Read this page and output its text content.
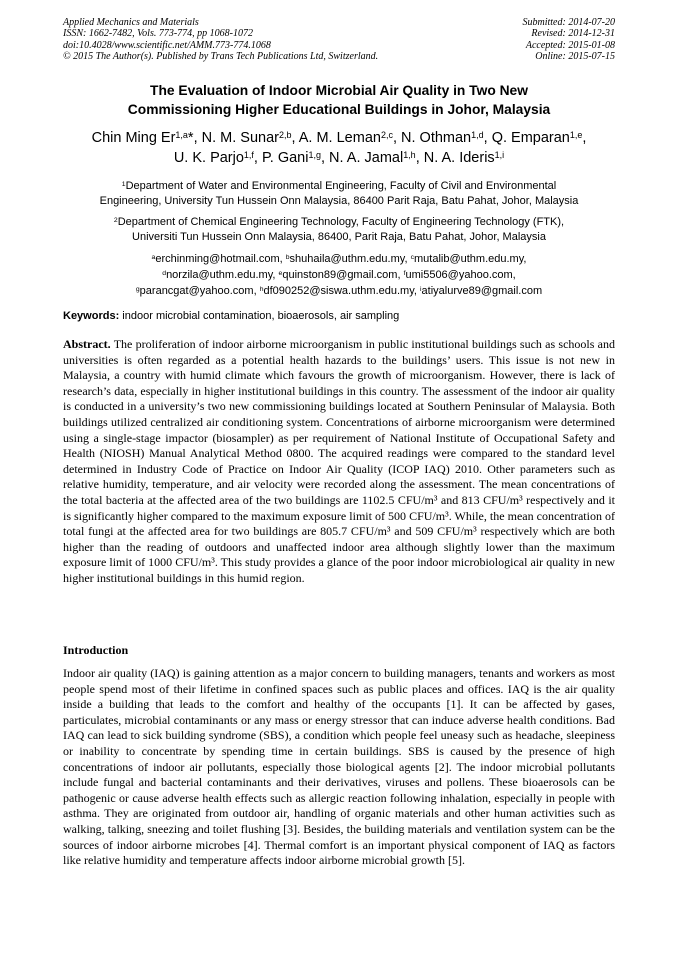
Applied Mechanics and Materials
ISSN: 1662-7482, Vols. 773-774, pp 1068-1072
doi:10.4028/www.scientific.net/AMM.773-774.1068
© 2015 The Author(s). Published by Trans Tech Publications Ltd, Switzerland.
Submitted: 2014-07-20
Revised: 2014-12-31
Accepted: 2015-01-08
Online: 2015-07-15
The Evaluation of Indoor Microbial Air Quality in Two New
Commissioning Higher Educational Buildings in Johor, Malaysia
Chin Ming Er$^{1,a}$*, N. M. Sunar$^{2,b}$, A. M. Leman$^{2,c}$, N. Othman$^{1,d}$, Q. Emparan$^{1,e}$,
U. K. Parjo$^{1,f}$, P. Gani$^{1,g}$, N. A. Jamal$^{1,h}$, N. A. Ideris$^{1,i}$
$^1$Department of Water and Environmental Engineering, Faculty of Civil and Environmental
Engineering, University Tun Hussein Onn Malaysia, 86400 Parit Raja, Batu Pahat, Johor, Malaysia
$^2$Department of Chemical Engineering Technology, Faculty of Engineering Technology (FTK),
Universiti Tun Hussein Onn Malaysia, 86400, Parit Raja, Batu Pahat, Johor, Malaysia
$^a$erchinming@hotmail.com, $^b$shuhaila@uthm.edu.my, $^c$mutalib@uthm.edu.my,
$^d$norzila@uthm.edu.my, $^e$quinston89@gmail.com, $^f$umi5506@yahoo.com,
$^g$parancgat@yahoo.com, $^h$df090252@siswa.uthm.edu.my, $^i$atiyalurve89@gmail.com
Keywords: indoor microbial contamination, bioaerosols, air sampling
Abstract. The proliferation of indoor airborne microorganism in public institutional buildings such as schools and universities is often regarded as a potential health hazards to the buildings’ users. This issue is not new in Malaysia, a country with humid climate which favours the growth of microorganism. However, there is lack of research’s data, especially in higher institutional buildings in this country. The assessment of the indoor air quality is conducted in a university’s two new commissioning buildings located at Southern Peninsular of Malaysia. Both buildings utilized centralized air conditioning system. Concentrations of airborne microorganism were determined using a single-stage impactor (biosampler) as per requirement of National Institute of Occupational Safety and Health (NIOSH) Manual Analytical Method 0800. The acquired readings were compared to the standard level determined in Industry Code of Practice on Indoor Air Quality (ICOP IAQ) 2010. Other parameters such as relative humidity, temperature, and air velocity were recorded along the assessment. The mean concentrations of the total bacteria at the affected area of the two buildings are 1102.5 CFU/m³ and 813 CFU/m³ respectively and it is significantly higher compared to the maximum exposure limit of 500 CFU/m³. While, the mean concentration of total fungi at the affected area for two buildings are 805.7 CFU/m³ and 509 CFU/m³ respectively which are both higher than the reading of outdoors and unaffected indoor area although slightly lower than the maximum exposure limit of 1000 CFU/m³. This study provides a glance of the poor indoor microbiological air quality in new higher institutional buildings in this humid region.
Introduction
Indoor air quality (IAQ) is gaining attention as a major concern to building managers, tenants and workers as most people spend most of their lifetime in confined spaces such as public places and offices. IAQ is the air quality inside a building that leads to the comfort and healthy of the occupants [1]. It can be affected by gases, particulates, microbial contaminants or any mass or energy stressor that can induce adverse health conditions. Bad IAQ can lead to sick building syndrome (SBS), a condition which people feel uneasy such as headache, sleepiness or inability to concentrate by spending time in certain buildings. SBS is caused by the presence of high concentrations of indoor air pollutants, especially those biological agents [2]. The indoor microbial pollutants include fungal and bacterial contaminants and their derivatives, viruses and pollens. These bioaerosols can be pathogenic or cause adverse health effects such as allergic reaction following inhalation, especially in people with asthma. They are originated from outdoor air, handling of organic materials and other human activities such as walking, talking, sneezing and toilet flushing [3]. Besides, the building materials and ventilation system can be the sources of indoor airborne microbes [4]. Thermal comfort is an important physical component of IAQ as factors like relative humidity and temperature affects indoor airborne microbial growth [5].
